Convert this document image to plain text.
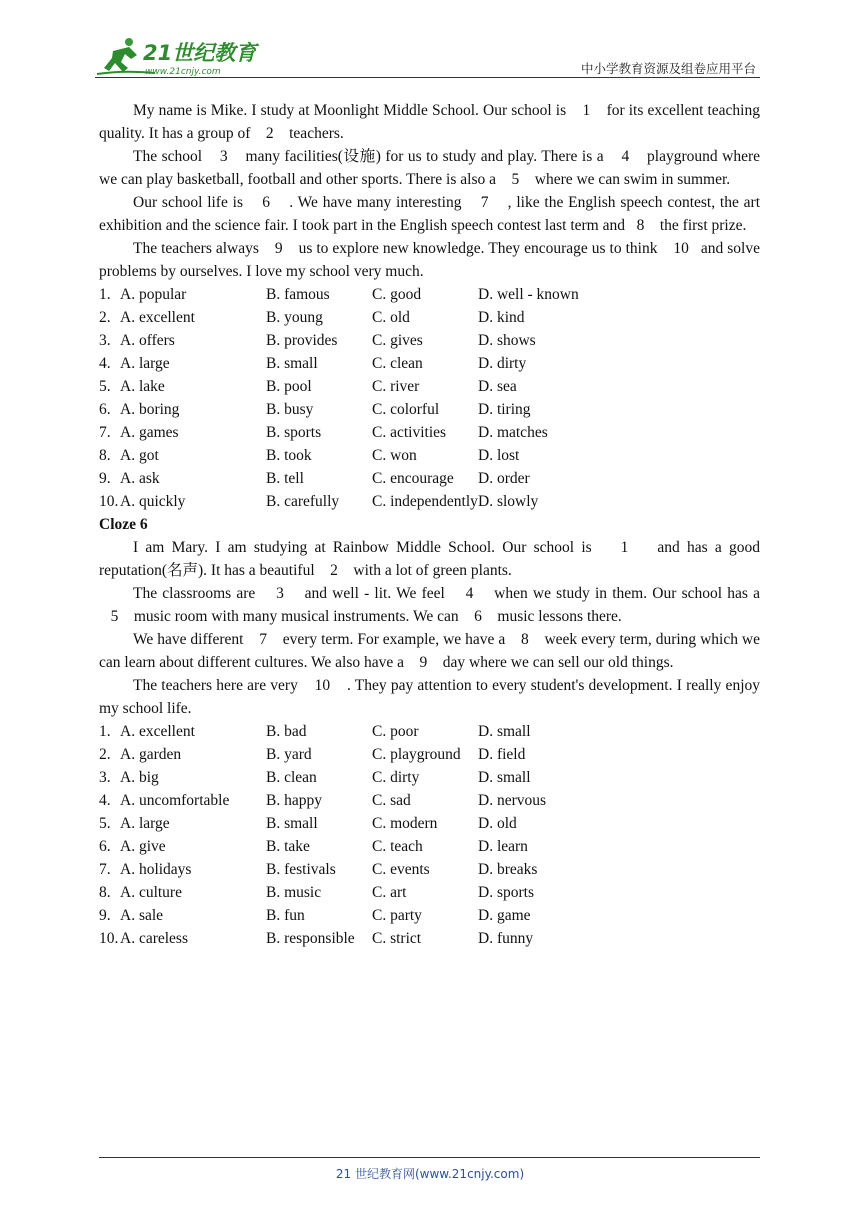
21世纪教育
www.21cnjy.com	中小学教育资源及组卷应用平台

My name is Mike. I study at Moonlight Middle School. Our school is    1    for its excellent teaching quality. It has a group of    2    teachers.

The school    3    many facilities(设施) for us to study and play. There is a    4    playground where we can play basketball, football and other sports. There is also a    5    where we can swim in summer.

Our school life is    6    . We have many interesting    7    , like the English speech contest, the art exhibition and the science fair. I took part in the English speech contest last term and   8    the first prize.

The teachers always    9    us to explore new knowledge. They encourage us to think    10   and solve problems by ourselves. I love my school very much.

1. A. popular	B. famous	C. good	D. well - known
2. A. excellent	B. young	C. old	D. kind
3. A. offers	B. provides C. gives	D. shows
4. A. large	B. small	C. clean	D. dirty
5. A. lake	B. pool	C. river	D. sea
6. A. boring	B. busy	C. colorful	D. tiring
7. A. games	B. sports	C. activities D. matches
8. A. got	B. took	C. won	D. lost
9. A. ask	B. tell	C. encourage D. order
10. A. quickly	B. carefully C. independently D. slowly

Cloze 6

I am Mary. I am studying at Rainbow Middle School. Our school is    1    and has a good reputation(名声). It has a beautiful    2    with a lot of green plants.

The classrooms are    3    and well - lit. We feel    4    when we study in them. Our school has a    5    music room with many musical instruments. We can    6    music lessons there.

We have different    7    every term. For example, we have a    8    week every term, during which we can learn about different cultures. We also have a    9    day where we can sell our old things.

The teachers here are very    10    . They pay attention to every student's development. I really enjoy my school life.

1. A. excellent	B. bad	C. poor	D. small
2. A. garden	B. yard	C. playground D. field
3. A. big	B. clean	C. dirty	D. small
4. A. uncomfortable B. happy	C. sad	D. nervous
5. A. large	B. small	C. modern	D. old
6. A. give	B. take	C. teach	D. learn
7. A. holidays	B. festivals C. events	D. breaks
8. A. culture	B. music	C. art	D. sports
9. A. sale	B. fun	C. party	D. game
10. A. careless	B. responsible C. strict	D. funny
21 世纪教育网(www.21cnjy.com)
